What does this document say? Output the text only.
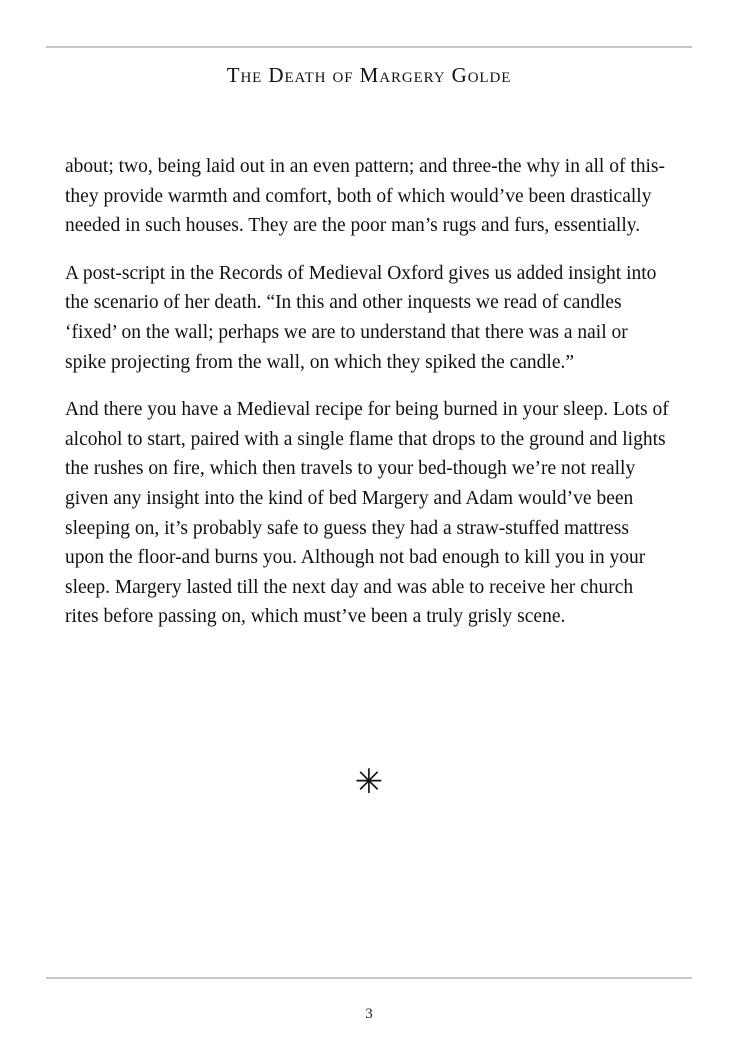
The Death of Margery Golde

about; two, being laid out in an even pattern; and three-the why in all of this-they provide warmth and comfort, both of which would’ve been drastically needed in such houses. They are the poor man’s rugs and furs, essentially.

A post-script in the Records of Medieval Oxford gives us added insight into the scenario of her death. “In this and other inquests we read of candles ‘fixed’ on the wall; perhaps we are to understand that there was a nail or spike projecting from the wall, on which they spiked the candle.”

And there you have a Medieval recipe for being burned in your sleep. Lots of alcohol to start, paired with a single flame that drops to the ground and lights the rushes on fire, which then travels to your bed-though we’re not really given any insight into the kind of bed Margery and Adam would’ve been sleeping on, it’s probably safe to guess they had a straw-stuffed mattress upon the floor-and burns you. Although not bad enough to kill you in your sleep. Margery lasted till the next day and was able to receive her church rites before passing on, which must’ve been a truly grisly scene.

✳
3
